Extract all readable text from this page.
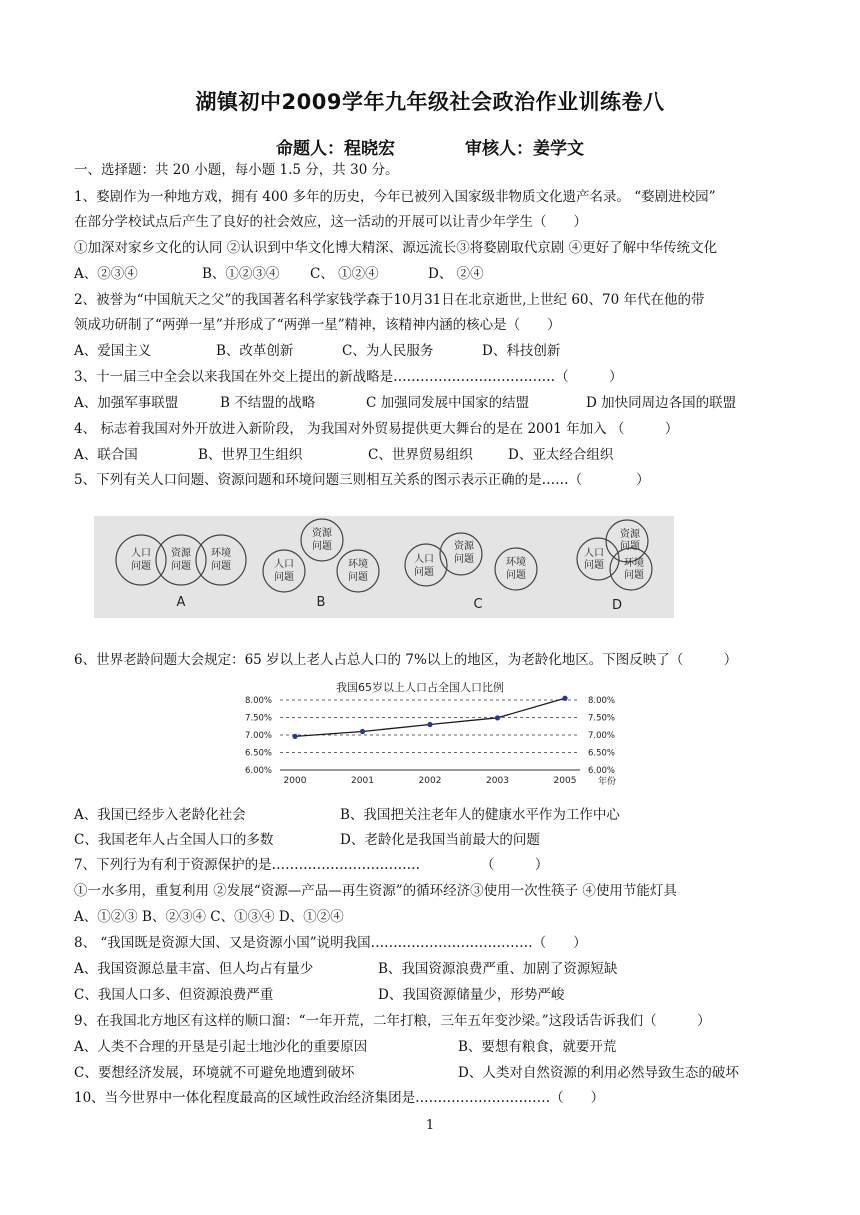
湖镇初中2009学年九年级社会政治作业训练卷八
命题人：程晓宏	审核人：姜学文
一、选择题：共 20 小题，每小题 1.5 分，共 30 分。
1、婺剧作为一种地方戏，拥有 400 多年的历史，今年已被列入国家级非物质文化遗产名录。 “婺剧进校园”
在部分学校试点后产生了良好的社会效应，这一活动的开展可以让青少年学生（　　）
①加深对家乡文化的认同 ②认识到中华文化博大精深、源远流长③将婺剧取代京剧 ④更好了解中华传统文化
A、②③④	B、①②③④ C、 ①②④	D、 ②④
2、被誉为“中国航天之父”的我国著名科学家钱学森于10月31日在北京逝世,上世纪 60、70 年代在他的带
领成功研制了“两弹一星”并形成了“两弹一星”精神，该精神内涵的核心是（　　）
A、爱国主义	B、改革创新	C、为人民服务	D、科技创新
3、十一届三中全会以来我国在外交上提出的新战略是………………………………（　　　）
A、加强军事联盟	B 不结盟的战略	C 加强同发展中国家的结盟	D 加快同周边各国的联盟
4、 标志着我国对外开放进入新阶段， 为我国对外贸易提供更大舞台的是在 2001 年加入 （　　　）
A、联合国	B、世界卫生组织	C、世界贸易组织	D、亚太经合组织
5、下列有关人口问题、资源问题和环境问题三则相互关系的图示表示正确的是……（　　　　）
人口
问题
资源
问题
环境
问题
资源
问题
人口
问题
环境
问题
人口
问题
资源
问题	环境
问题
人口
问题
资源
问题
环境
问题
A	B	C	D
6、世界老龄问题大会规定：65 岁以上老人占总人口的 7%以上的地区，为老龄化地区。下图反映了（　　　）
我国65岁以上人口占全国人口比例
8.00%
7.50%
7.00%
6.50%
6.00%
8.00%
7.50%
7.00%
6.50%
6.00%
2000	2001	2002	2003	2005 年份
A、我国已经步入老龄化社会	B、我国把关注老年人的健康水平作为工作中心
C、我国老年人占全国人口的多数	D、老龄化是我国当前最大的问题
7、下列行为有利于资源保护的是……………………………　　　　　（　　　）
①一水多用，重复利用 ②发展“资源—产品—再生资源”的循环经济③使用一次性筷子 ④使用节能灯具
A、①②③ B、②③④ C、①③④ D、①②④
8、 “我国既是资源大国、又是资源小国”说明我国………………………………（　　）
A、我国资源总量丰富、但人均占有量少	B、我国资源浪费严重、加剧了资源短缺
C、我国人口多、但资源浪费严重	D、我国资源储量少，形势严峻
9、在我国北方地区有这样的顺口溜：“一年开荒，二年打粮，三年五年变沙梁。”这段话告诉我们（　　　）
A、人类不合理的开垦是引起土地沙化的重要原因	B、要想有粮食，就要开荒
C、要想经济发展，环境就不可避免地遭到破坏	D、人类对自然资源的利用必然导致生态的破坏
10、当今世界中一体化程度最高的区域性政治经济集团是…………………………（　　）
1
